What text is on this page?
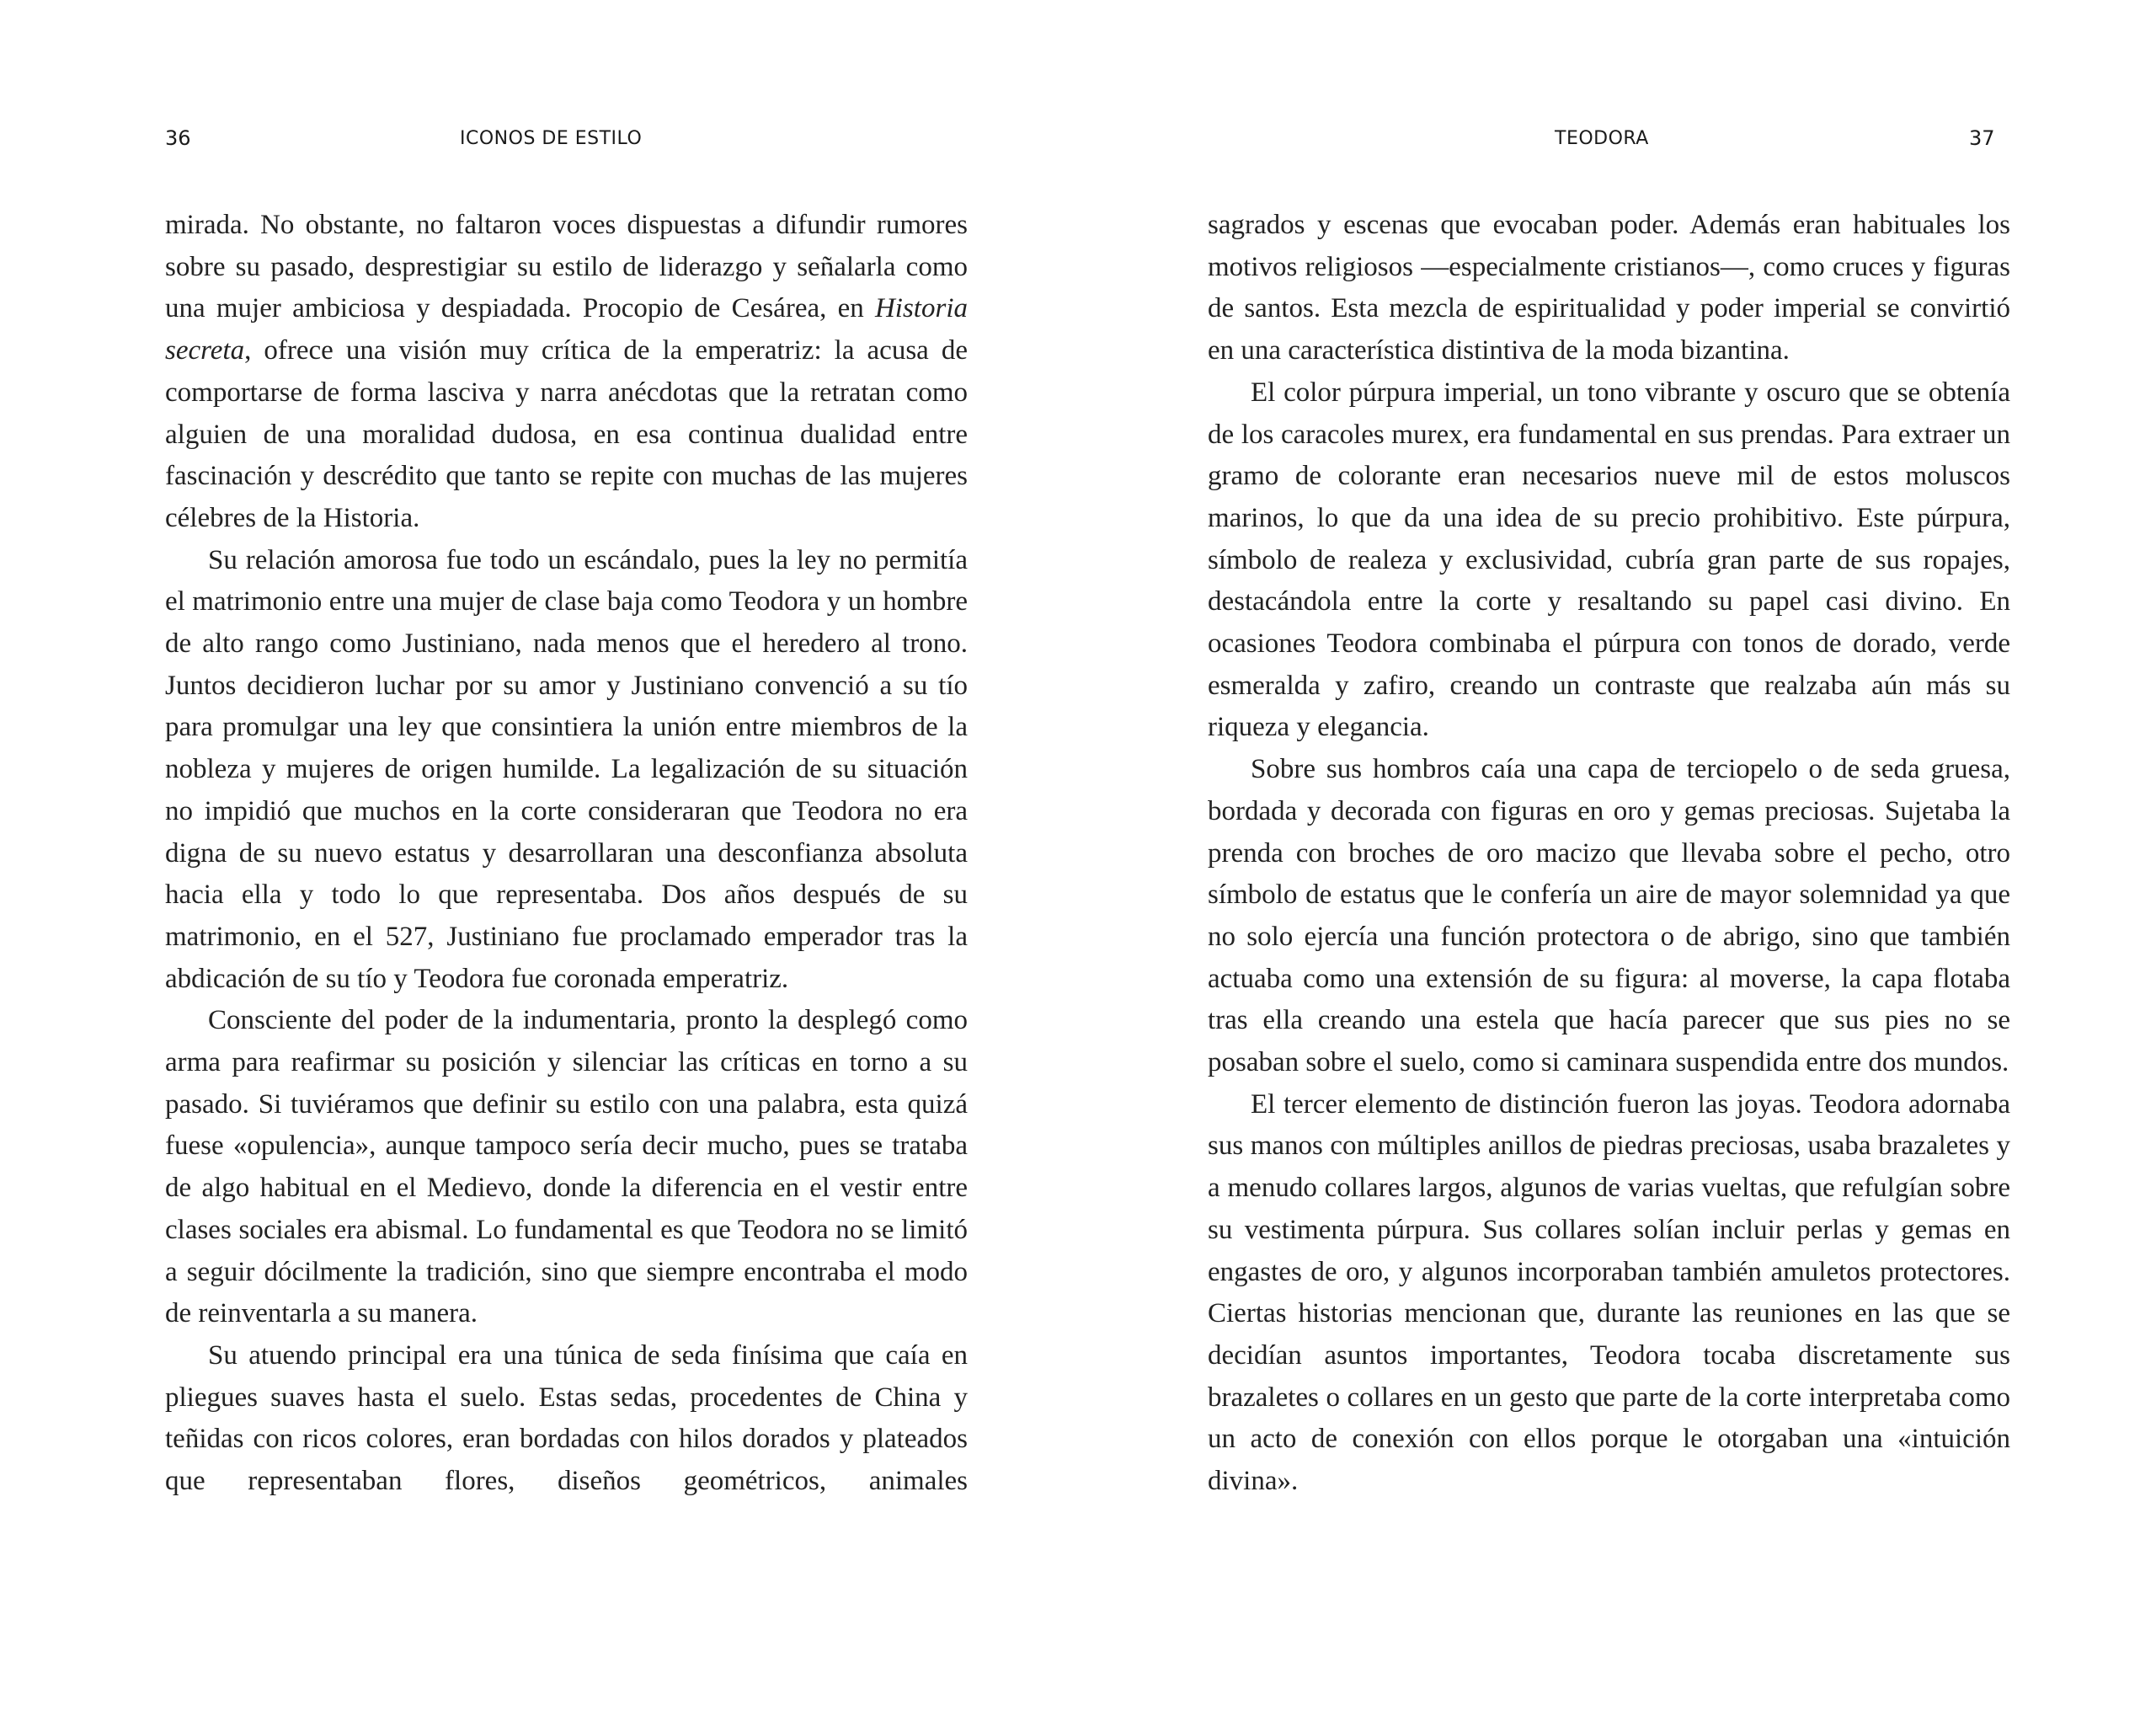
36	ICONOS DE ESTILO

mirada. No obstante, no faltaron voces dispuestas a difundir rumores sobre su pasado, desprestigiar su estilo de liderazgo y señalarla como una mujer ambiciosa y despiadada. Procopio de Cesárea, en Historia secreta, ofrece una visión muy crítica de la emperatriz: la acusa de comportarse de forma lasciva y narra anécdotas que la retratan como alguien de una moralidad dudosa, en esa continua dualidad entre fascinación y descrédito que tanto se repite con muchas de las mujeres célebres de la Historia.

Su relación amorosa fue todo un escándalo, pues la ley no permitía el matrimonio entre una mujer de clase baja como Teodora y un hombre de alto rango como Justiniano, nada menos que el heredero al trono. Juntos decidieron luchar por su amor y Justiniano convenció a su tío para promulgar una ley que consintiera la unión entre miembros de la nobleza y mujeres de origen humilde. La legalización de su situación no impidió que muchos en la corte consideraran que Teodora no era digna de su nuevo estatus y desarrollaran una desconfianza absoluta hacia ella y todo lo que representaba. Dos años después de su matrimonio, en el 527, Justiniano fue proclamado emperador tras la abdicación de su tío y Teodora fue coronada emperatriz.

Consciente del poder de la indumentaria, pronto la desplegó como arma para reafirmar su posición y silenciar las críticas en torno a su pasado. Si tuviéramos que definir su estilo con una palabra, esta quizá fuese «opulencia», aunque tampoco sería decir mucho, pues se trataba de algo habitual en el Medievo, donde la diferencia en el vestir entre clases sociales era abismal. Lo fundamental es que Teodora no se limitó a seguir dócilmente la tradición, sino que siempre encontraba el modo de reinventarla a su manera.

Su atuendo principal era una túnica de seda finísima que caía en pliegues suaves hasta el suelo. Estas sedas, procedentes de China y teñidas con ricos colores, eran bordadas con hilos dorados y plateados que representaban flores, diseños geométricos, animales

TEODORA	37

sagrados y escenas que evocaban poder. Además eran habituales los motivos religiosos —especialmente cristianos—, como cruces y figuras de santos. Esta mezcla de espiritualidad y poder imperial se convirtió en una característica distintiva de la moda bizantina.

El color púrpura imperial, un tono vibrante y oscuro que se obtenía de los caracoles murex, era fundamental en sus prendas. Para extraer un gramo de colorante eran necesarios nueve mil de estos moluscos marinos, lo que da una idea de su precio prohibitivo. Este púrpura, símbolo de realeza y exclusividad, cubría gran parte de sus ropajes, destacándola entre la corte y resaltando su papel casi divino. En ocasiones Teodora combinaba el púrpura con tonos de dorado, verde esmeralda y zafiro, creando un contraste que realzaba aún más su riqueza y elegancia.

Sobre sus hombros caía una capa de terciopelo o de seda gruesa, bordada y decorada con figuras en oro y gemas preciosas. Sujetaba la prenda con broches de oro macizo que llevaba sobre el pecho, otro símbolo de estatus que le confería un aire de mayor solemnidad ya que no solo ejercía una función protectora o de abrigo, sino que también actuaba como una extensión de su figura: al moverse, la capa flotaba tras ella creando una estela que hacía parecer que sus pies no se posaban sobre el suelo, como si caminara suspendida entre dos mundos.

El tercer elemento de distinción fueron las joyas. Teodora adornaba sus manos con múltiples anillos de piedras preciosas, usaba brazaletes y a menudo collares largos, algunos de varias vueltas, que refulgían sobre su vestimenta púrpura. Sus collares solían incluir perlas y gemas en engastes de oro, y algunos incorporaban también amuletos protectores. Ciertas historias mencionan que, durante las reuniones en las que se decidían asuntos importantes, Teodora tocaba discretamente sus brazaletes o collares en un gesto que parte de la corte interpretaba como un acto de conexión con ellos porque le otorgaban una «intuición divina».
